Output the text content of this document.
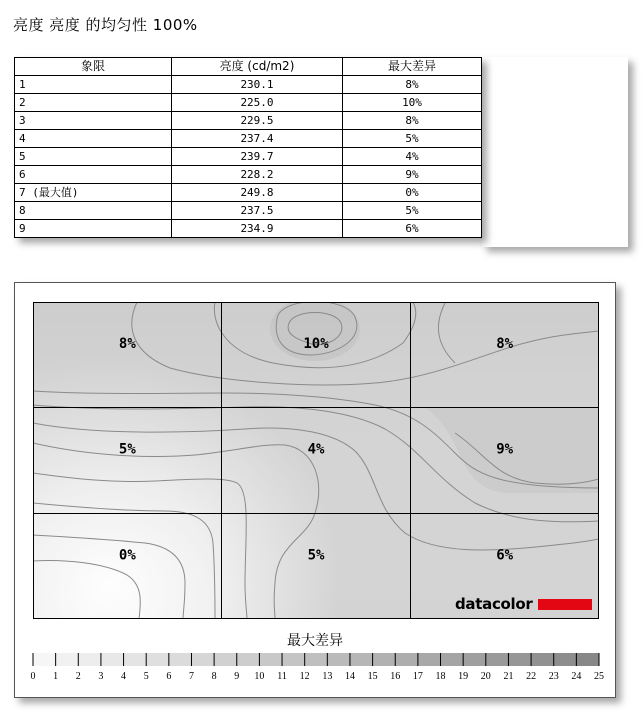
亮度 亮度 的均匀性 100%
象限	亮度 (cd/m2)	最大差异
1	230.1	8%
2	225.0	10%
3	229.5	8%
4	237.4	5%
5	239.7	4%
6	228.2	9%
7 (最大值)	249.8	0%
8	237.5	5%
9	234.9	6%
8%	10%	8%
5%	4%	9%
0%	5%	6%
datacolor
最大差异
0 1 2 3 4 5 6 7 8 9 10 11 12 13 14 15 16 17 18 19 20 21 22 23 24 25
